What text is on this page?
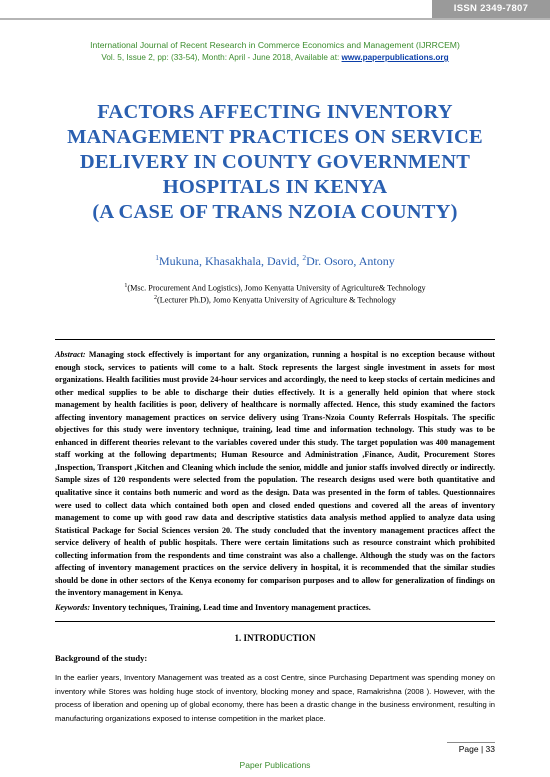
ISSN 2349-7807
International Journal of Recent Research in Commerce Economics and Management (IJRRCEM)
Vol. 5, Issue 2, pp: (33-54), Month: April - June 2018, Available at: www.paperpublications.org
FACTORS AFFECTING INVENTORY
MANAGEMENT PRACTICES ON SERVICE
DELIVERY IN COUNTY GOVERNMENT
HOSPITALS IN KENYA
(A CASE OF TRANS NZOIA COUNTY)
$^1$Mukuna, Khasakhala, David, $^2$Dr. Osoro, Antony
$^1$(Msc. Procurement And Logistics), Jomo Kenyatta University of Agriculture& Technology
$^2$(Lecturer Ph.D), Jomo Kenyatta University of Agriculture & Technology
Abstract: Managing stock effectively is important for any organization, running a hospital is no exception because without enough stock, services to patients will come to a halt. Stock represents the largest single investment in assets for most organizations. Health facilities must provide 24-hour services and accordingly, the need to keep stocks of certain medicines and other medical supplies to be able to discharge their duties effectively. It is a generally held opinion that where stock management by health facilities is poor, delivery of healthcare is normally affected. Hence, this study examined the factors affecting inventory management practices on service delivery using Trans-Nzoia County Referrals Hospitals. The specific objectives for this study were inventory technique, training, lead time and information technology. This study was to be enhanced in different theories relevant to the variables covered under this study. The target population was 400 management staff working at the following departments; Human Resource and Administration ,Finance, Audit, Procurement Stores ,Inspection, Transport ,Kitchen and Cleaning which include the senior, middle and junior staffs involved directly or indirectly. Sample sizes of 120 respondents were selected from the population. The research designs used were both quantitative and qualitative since it contains both numeric and word as the design. Data was presented in the form of tables. Questionnaires were used to collect data which contained both open and closed ended questions and covered all the areas of inventory management to come up with good raw data and descriptive statistics data analysis method applied to analyze data using Statistical Package for Social Sciences version 20. The study concluded that the inventory management practices affect the service delivery of health of public hospitals. There were certain limitations such as resource constraint which prohibited collecting information from the respondents and time constraint was also a challenge. Although the study was on the factors affecting of inventory management practices on the service delivery in hospital, it is recommended that the similar studies should be done in other sectors of the Kenya economy for comparison purposes and to allow for generalization of findings on the inventory management in Kenya.
Keywords: Inventory techniques, Training, Lead time and Inventory management practices.
1. INTRODUCTION
Background of the study:
In the earlier years, Inventory Management was treated as a cost Centre, since Purchasing Department was spending money on inventory while Stores was holding huge stock of inventory, blocking money and space, Ramakrishna (2008 ). However, with the process of liberation and opening up of global economy, there has been a drastic change in the business environment, resulting in manufacturing organizations exposed to intense competition in the market place.
Page | 33
Paper Publications
